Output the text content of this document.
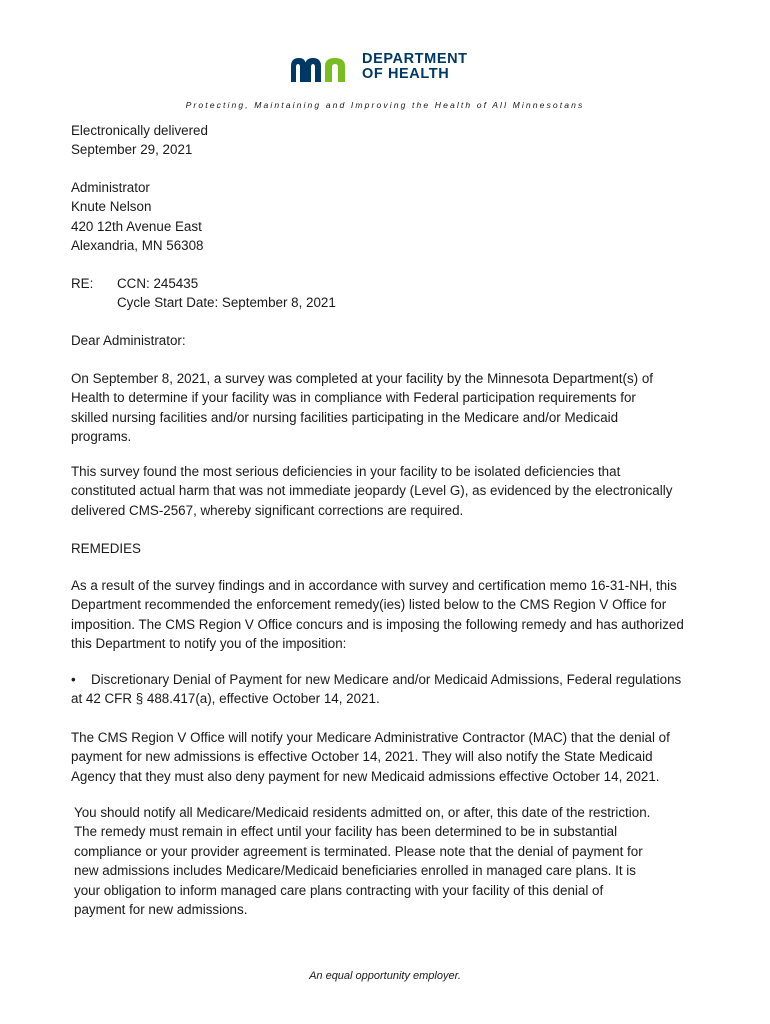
DEPARTMENT
OF HEALTH
Protecting, Maintaining and Improving the Health of All Minnesotans
Electronically delivered
September 29, 2021
Administrator
Knute Nelson
420 12th Avenue East
Alexandria, MN 56308
RE: CCN: 245435
Cycle Start Date: September 8, 2021
Dear Administrator:
On September 8, 2021, a survey was completed at your facility by the Minnesota Department(s) of
Health to determine if your facility was in compliance with Federal participation requirements for
skilled nursing facilities and/or nursing facilities participating in the Medicare and/or Medicaid
programs.
This survey found the most serious deficiencies in your facility to be isolated deficiencies that
constituted actual harm that was not immediate jeopardy (Level G), as evidenced by the electronically
delivered CMS-2567, whereby significant corrections are required.
REMEDIES
As a result of the survey findings and in accordance with survey and certification memo 16-31-NH, this
Department recommended the enforcement remedy(ies) listed below to the CMS Region V Office for
imposition. The CMS Region V Office concurs and is imposing the following remedy and has authorized
this Department to notify you of the imposition:
• Discretionary Denial of Payment for new Medicare and/or Medicaid Admissions, Federal regulations
at 42 CFR § 488.417(a), effective October 14, 2021.
The CMS Region V Office will notify your Medicare Administrative Contractor (MAC) that the denial of
payment for new admissions is effective October 14, 2021. They will also notify the State Medicaid
Agency that they must also deny payment for new Medicaid admissions effective October 14, 2021.
You should notify all Medicare/Medicaid residents admitted on, or after, this date of the restriction.
The remedy must remain in effect until your facility has been determined to be in substantial
compliance or your provider agreement is terminated. Please note that the denial of payment for
new admissions includes Medicare/Medicaid beneficiaries enrolled in managed care plans. It is
your obligation to inform managed care plans contracting with your facility of this denial of
payment for new admissions.
An equal opportunity employer.
